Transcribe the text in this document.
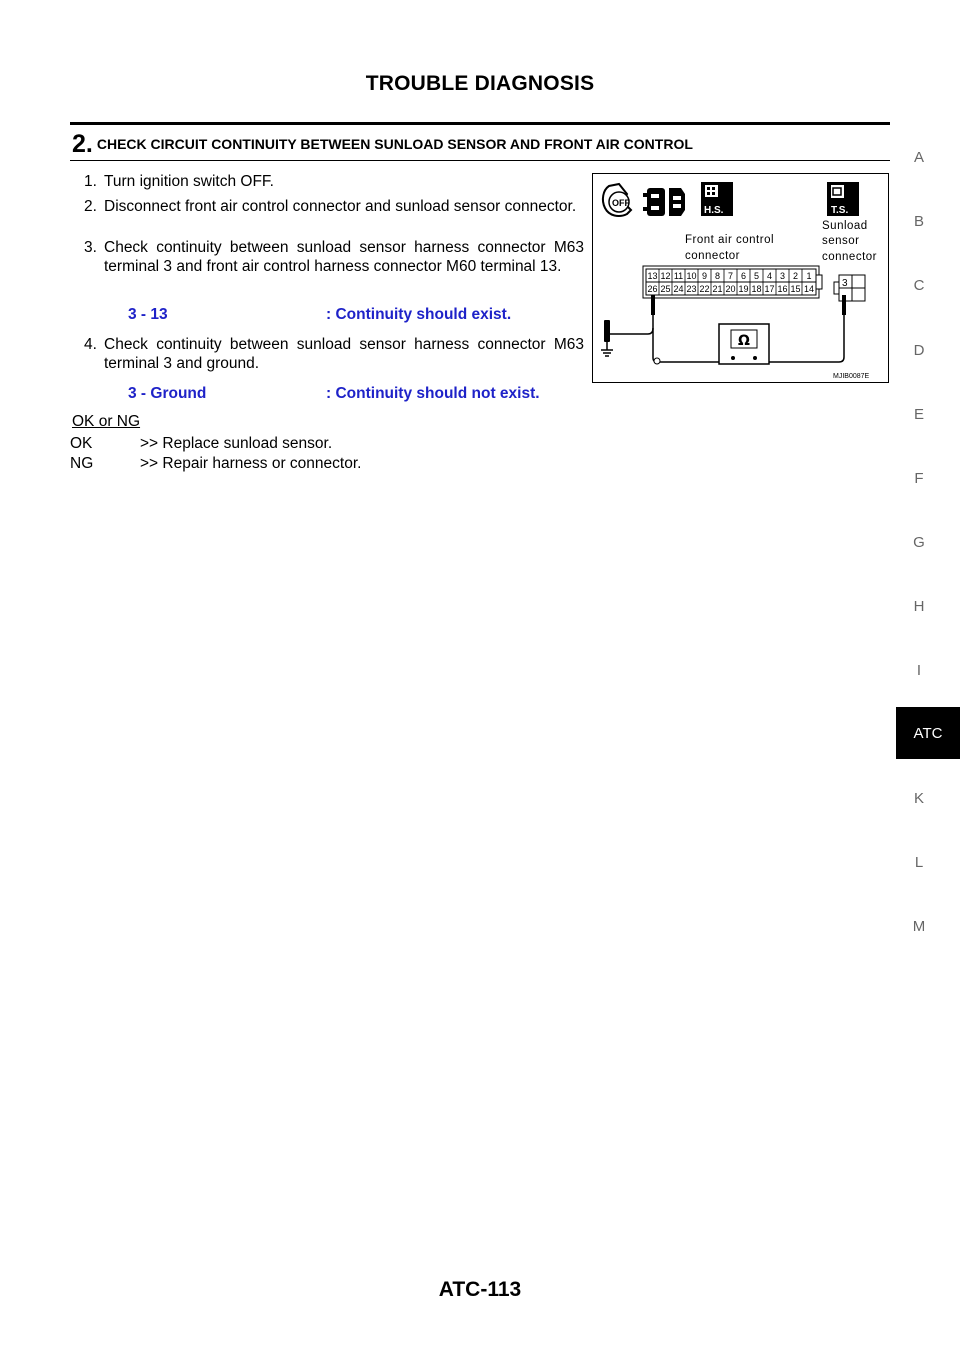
TROUBLE DIAGNOSIS
2. CHECK CIRCUIT CONTINUITY BETWEEN SUNLOAD SENSOR AND FRONT AIR CONTROL
1. Turn ignition switch OFF.
2. Disconnect front air control connector and sunload sensor connector.
3. Check continuity between sunload sensor harness connector M63 terminal 3 and front air control harness connector M60 terminal 13.
3 - 13	: Continuity should exist.
4. Check continuity between sunload sensor harness connector M63 terminal 3 and ground.
3 - Ground	: Continuity should not exist.
OK or NG
OK	>> Replace sunload sensor.
NG	>> Repair harness or connector.
OFF
H.S.	T.S.
Front air control
connector
Sunload
sensor
connector
13 12 11 10 9 8 7 6 5 4 3 2 1
26 25 24 23 22 21 20 19 18 17 16 15 14	3
Ω
MJIB0087E
A
B
C
D
E
F
G
H
I
ATC
K
L
M
ATC-113
